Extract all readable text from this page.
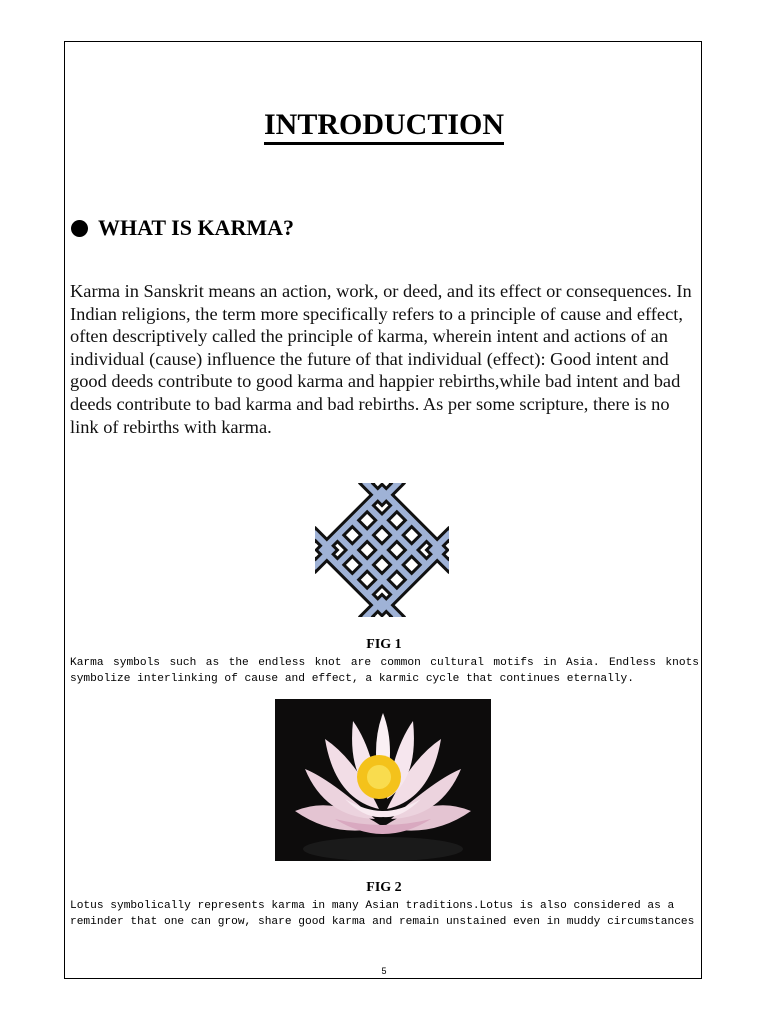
INTRODUCTION
WHAT IS KARMA?
Karma in Sanskrit means an action, work, or deed, and its effect or consequences. In Indian religions, the term more specifically refers to a principle of cause and effect, often descriptively called the principle of karma, wherein intent and actions of an individual (cause) influence the future of that individual (effect): Good intent and good deeds contribute to good karma and happier rebirths,while bad intent and bad deeds contribute to bad karma and bad rebirths. As per some scripture, there is no link of rebirths with karma.
FIG 1
Karma symbols such as the endless knot are common cultural motifs in Asia. Endless knots symbolize interlinking of cause and effect, a karmic cycle that continues eternally.
FIG 2
Lotus symbolically represents karma in many Asian traditions.Lotus is also considered as a reminder that one can grow, share good karma and remain unstained even in muddy circumstances
5
